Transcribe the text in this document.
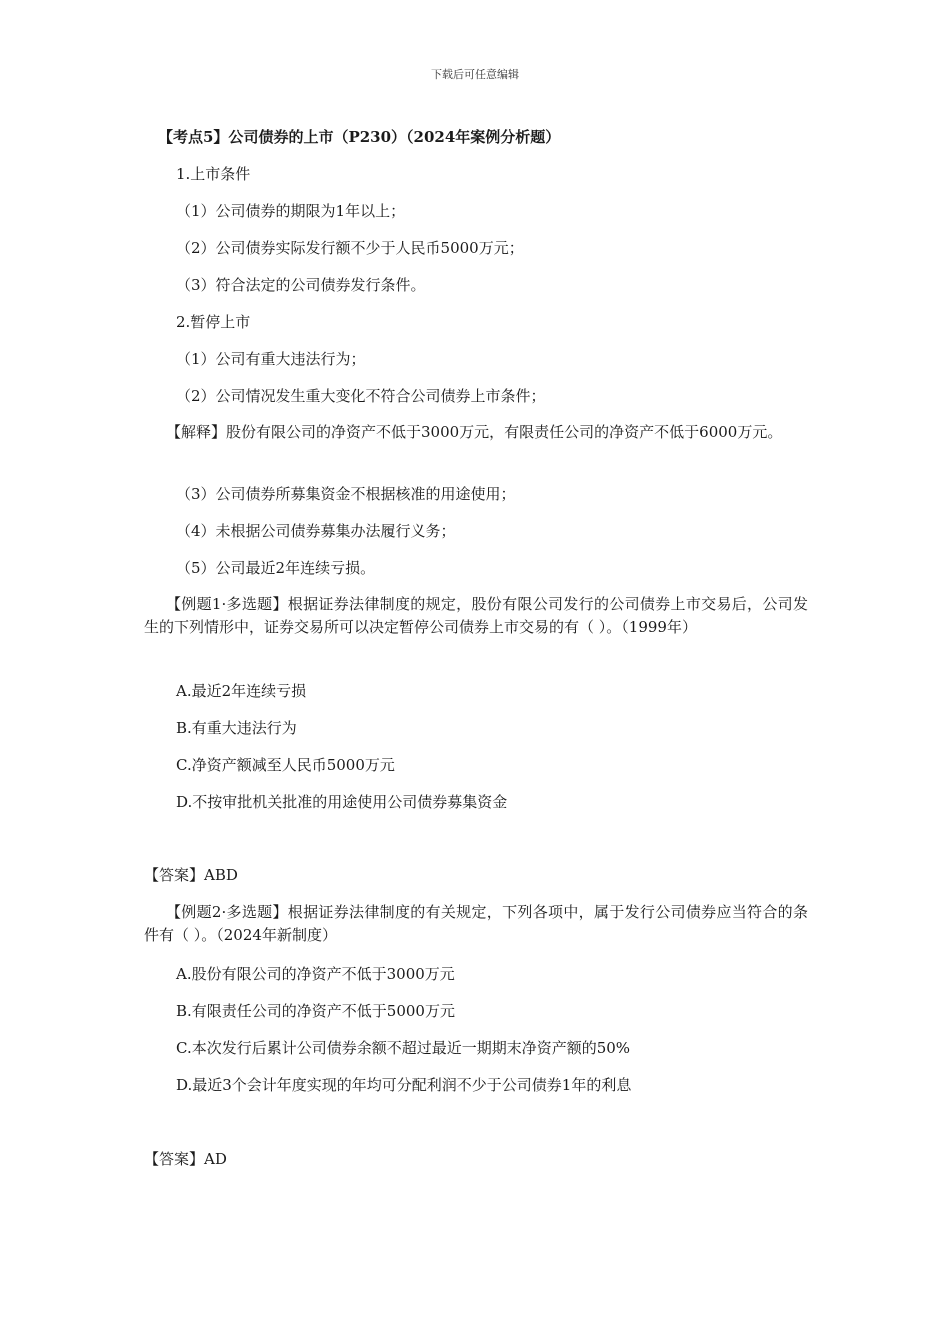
下载后可任意编辑
【考点5】公司债券的上市（P230）（2024年案例分析题）
1.上市条件
（1）公司债券的期限为1年以上；
（2）公司债券实际发行额不少于人民币5000万元；
（3）符合法定的公司债券发行条件。
2.暂停上市
（1）公司有重大违法行为；
（2）公司情况发生重大变化不符合公司债券上市条件；
【解释】股份有限公司的净资产不低于3000万元，有限责任公司的净资产不低于6000万元。
（3）公司债券所募集资金不根据核准的用途使用；
（4）未根据公司债券募集办法履行义务；
（5）公司最近2年连续亏损。
【例题1·多选题】根据证券法律制度的规定，股份有限公司发行的公司债券上市交易后，公司发生的下列情形中，证券交易所可以决定暂停公司债券上市交易的有（ ）。（1999年）
A.最近2年连续亏损
B.有重大违法行为
C.净资产额减至人民币5000万元
D.不按审批机关批准的用途使用公司债券募集资金
【答案】ABD
【例题2·多选题】根据证券法律制度的有关规定，下列各项中，属于发行公司债券应当符合的条件有（ ）。（2024年新制度）
A.股份有限公司的净资产不低于3000万元
B.有限责任公司的净资产不低于5000万元
C.本次发行后累计公司债券余额不超过最近一期期末净资产额的50%
D.最近3个会计年度实现的年均可分配利润不少于公司债券1年的利息
【答案】AD
